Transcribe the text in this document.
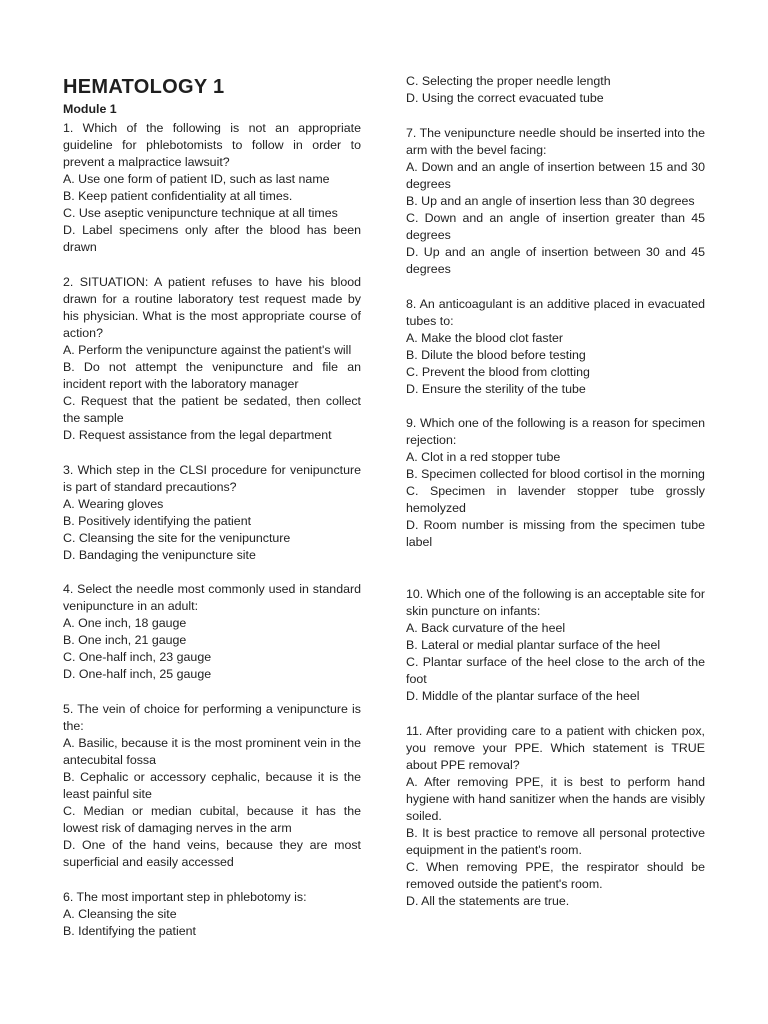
HEMATOLOGY 1
Module 1

1. Which of the following is not an appropriate guideline for phlebotomists to follow in order to prevent a malpractice lawsuit?

A. Use one form of patient ID, such as last name

B. Keep patient confidentiality at all times.

C. Use aseptic venipuncture technique at all times

D. Label specimens only after the blood has been drawn

2. SITUATION: A patient refuses to have his blood drawn for a routine laboratory test request made by his physician. What is the most appropriate course of action?

A. Perform the venipuncture against the patient's will

B. Do not attempt the venipuncture and file an incident report with the laboratory manager

C. Request that the patient be sedated, then collect the sample

D. Request assistance from the legal department

3. Which step in the CLSI procedure for venipuncture is part of standard precautions?

A. Wearing gloves

B. Positively identifying the patient

C. Cleansing the site for the venipuncture

D. Bandaging the venipuncture site

4. Select the needle most commonly used in standard venipuncture in an adult:

A. One inch, 18 gauge

B. One inch, 21 gauge

C. One-half inch, 23 gauge

D. One-half inch, 25 gauge

5. The vein of choice for performing a venipuncture is the:

A. Basilic, because it is the most prominent vein in the antecubital fossa

B. Cephalic or accessory cephalic, because it is the least painful site

C. Median or median cubital, because it has the lowest risk of damaging nerves in the arm

D. One of the hand veins, because they are most superficial and easily accessed

6. The most important step in phlebotomy is:

A. Cleansing the site

B. Identifying the patient

C. Selecting the proper needle length

D. Using the correct evacuated tube

7. The venipuncture needle should be inserted into the arm with the bevel facing:

A. Down and an angle of insertion between 15 and 30 degrees

B. Up and an angle of insertion less than 30 degrees

C. Down and an angle of insertion greater than 45 degrees

D. Up and an angle of insertion between 30 and 45 degrees

8. An anticoagulant is an additive placed in evacuated tubes to:

A. Make the blood clot faster

B. Dilute the blood before testing

C. Prevent the blood from clotting

D. Ensure the sterility of the tube

9. Which one of the following is a reason for specimen rejection:

A. Clot in a red stopper tube

B. Specimen collected for blood cortisol in the morning

C. Specimen in lavender stopper tube grossly hemolyzed

D. Room number is missing from the specimen tube label

10. Which one of the following is an acceptable site for skin puncture on infants:

A. Back curvature of the heel

B. Lateral or medial plantar surface of the heel

C. Plantar surface of the heel close to the arch of the foot

D. Middle of the plantar surface of the heel

11. After providing care to a patient with chicken pox, you remove your PPE. Which statement is TRUE about PPE removal?

A. After removing PPE, it is best to perform hand hygiene with hand sanitizer when the hands are visibly soiled.

B. It is best practice to remove all personal protective equipment in the patient's room.

C. When removing PPE, the respirator should be removed outside the patient's room.

D. All the statements are true.
